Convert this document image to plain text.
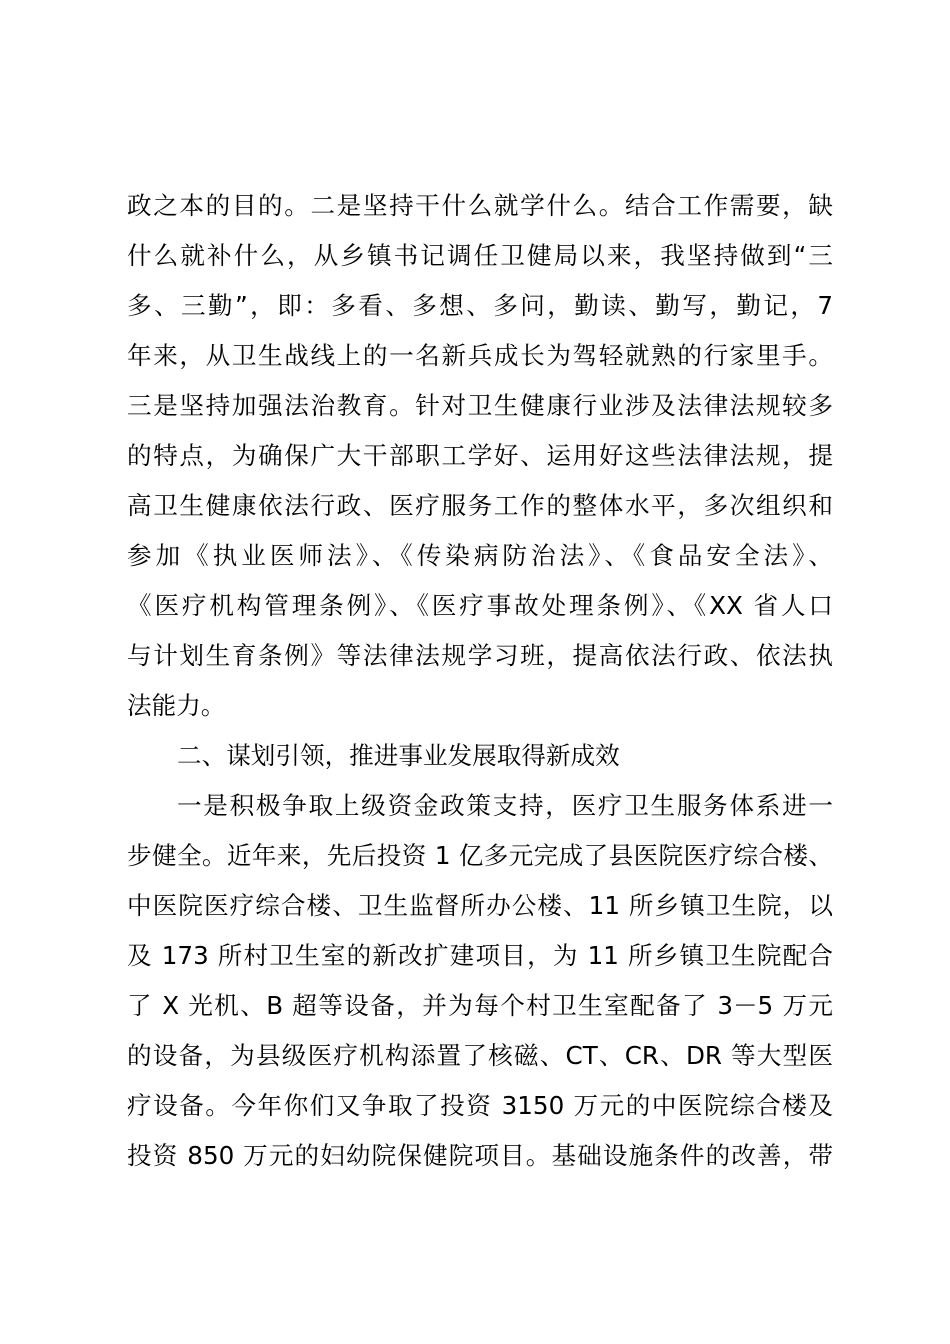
政之本的目的。二是坚持干什么就学什么。结合工作需要，缺
什么就补什么，从乡镇书记调任卫健局以来，我坚持做到“三
多、三勤”，即：多看、多想、多问，勤读、勤写，勤记，7
年来，从卫生战线上的一名新兵成长为驾轻就熟的行家里手。
三是坚持加强法治教育。针对卫生健康行业涉及法律法规较多
的特点，为确保广大干部职工学好、运用好这些法律法规，提
高卫生健康依法行政、医疗服务工作的整体水平，多次组织和
参加《执业医师法》、《传染病防治法》、《食品安全法》、
《医疗机构管理条例》、《医疗事故处理条例》、《XX 省人口
与计划生育条例》等法律法规学习班，提高依法行政、依法执
法能力。
二、谋划引领，推进事业发展取得新成效
一是积极争取上级资金政策支持，医疗卫生服务体系进一
步健全。近年来，先后投资 1 亿多元完成了县医院医疗综合楼、
中医院医疗综合楼、卫生监督所办公楼、11 所乡镇卫生院，以
及 173 所村卫生室的新改扩建项目，为 11 所乡镇卫生院配合
了 X 光机、B 超等设备，并为每个村卫生室配备了 3－5 万元
的设备，为县级医疗机构添置了核磁、CT、CR、DR 等大型医
疗设备。今年你们又争取了投资 3150 万元的中医院综合楼及
投资 850 万元的妇幼院保健院项目。基础设施条件的改善，带
